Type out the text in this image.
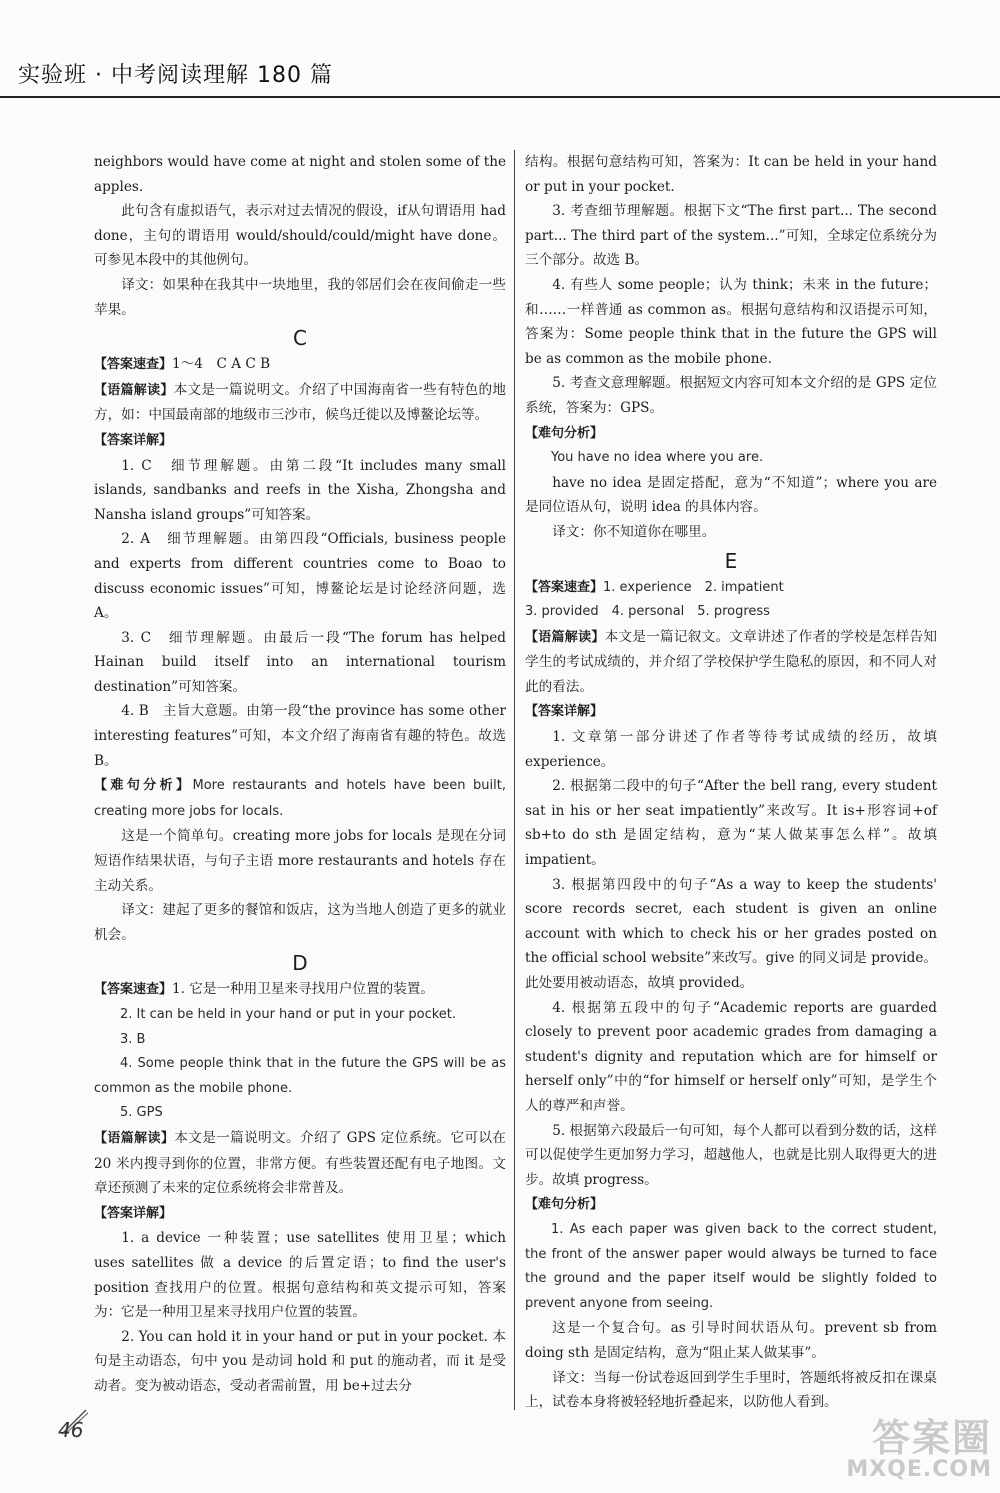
实验班 · 中考阅读理解 180 篇

neighbors would have come at night and stolen some of the apples.

此句含有虚拟语气，表示对过去情况的假设，if从句谓语用 had done，主句的谓语用 would/should/could/might have done。可参见本段中的其他例句。

译文：如果种在我其中一块地里，我的邻居们会在夜间偷走一些苹果。

C

【答案速查】1～4　C A C B

【语篇解读】本文是一篇说明文。介绍了中国海南省一些有特色的地方，如：中国最南部的地级市三沙市，候鸟迁徙以及博鳌论坛等。

【答案详解】

1. C　细节理解题。由第二段“It includes many small islands, sandbanks and reefs in the Xisha, Zhongsha and Nansha island groups”可知答案。

2. A　细节理解题。由第四段“Officials, business people and experts from different countries come to Boao to discuss economic issues”可知，博鳌论坛是讨论经济问题，选 A。

3. C　细节理解题。由最后一段“The forum has helped Hainan build itself into an international tourism destination”可知答案。

4. B　主旨大意题。由第一段“the province has some other interesting features”可知，本文介绍了海南省有趣的特色。故选 B。

【难句分析】More restaurants and hotels have been built, creating more jobs for locals.

这是一个简单句。creating more jobs for locals 是现在分词短语作结果状语，与句子主语 more restaurants and hotels 存在主动关系。

译文：建起了更多的餐馆和饭店，这为当地人创造了更多的就业机会。

D

【答案速查】1. 它是一种用卫星来寻找用户位置的装置。

2. It can be held in your hand or put in your pocket.

3. B

4. Some people think that in the future the GPS will be as common as the mobile phone.

5. GPS

【语篇解读】本文是一篇说明文。介绍了 GPS 定位系统。它可以在 20 米内搜寻到你的位置，非常方便。有些装置还配有电子地图。文章还预测了未来的定位系统将会非常普及。

【答案详解】

1. a device 一种装置；use satellites 使用卫星；which uses satellites 做 a device 的后置定语；to find the user's position 查找用户的位置。根据句意结构和英文提示可知，答案为：它是一种用卫星来寻找用户位置的装置。

2. You can hold it in your hand or put in your pocket. 本句是主动语态，句中 you 是动词 hold 和 put 的施动者，而 it 是受动者。变为被动语态，受动者需前置，用 be+过去分

结构。根据句意结构可知，答案为：It can be held in your hand or put in your pocket.

3. 考查细节理解题。根据下文“The first part... The second part... The third part of the system...”可知，全球定位系统分为三个部分。故选 B。

4. 有些人 some people；认为 think；未来 in the future；和……一样普通 as common as。根据句意结构和汉语提示可知，答案为：Some people think that in the future the GPS will be as common as the mobile phone.

5. 考查文意理解题。根据短文内容可知本文介绍的是 GPS 定位系统，答案为：GPS。

【难句分析】

You have no idea where you are.

have no idea 是固定搭配，意为“不知道”；where you are 是同位语从句，说明 idea 的具体内容。

译文：你不知道你在哪里。

E

【答案速查】1. experience　2. impatient

3. provided　4. personal　5. progress

【语篇解读】本文是一篇记叙文。文章讲述了作者的学校是怎样告知学生的考试成绩的，并介绍了学校保护学生隐私的原因，和不同人对此的看法。

【答案详解】

1. 文章第一部分讲述了作者等待考试成绩的经历，故填 experience。

2. 根据第二段中的句子“After the bell rang, every student sat in his or her seat impatiently”来改写。It is+形容词+of sb+to do sth 是固定结构，意为“某人做某事怎么样”。故填 impatient。

3. 根据第四段中的句子“As a way to keep the students' score records secret, each student is given an online account with which to check his or her grades posted on the official school website”来改写。give 的同义词是 provide。此处要用被动语态，故填 provided。

4. 根据第五段中的句子“Academic reports are guarded closely to prevent poor academic grades from damaging a student's dignity and reputation which are for himself or herself only”中的“for himself or herself only”可知，是学生个人的尊严和声誉。

5. 根据第六段最后一句可知，每个人都可以看到分数的话，这样可以促使学生更加努力学习，超越他人，也就是比别人取得更大的进步。故填 progress。

【难句分析】

1. As each paper was given back to the correct student, the front of the answer paper would always be turned to face the ground and the paper itself would be slightly folded to prevent anyone from seeing.

这是一个复合句。as 引导时间状语从句。prevent sb from doing sth 是固定结构，意为“阻止某人做某事”。

译文：当每一份试卷返回到学生手里时，答题纸将被反扣在课桌上，试卷本身将被轻轻地折叠起来，以防他人看到。

46	答案圈
MXQE.COM
